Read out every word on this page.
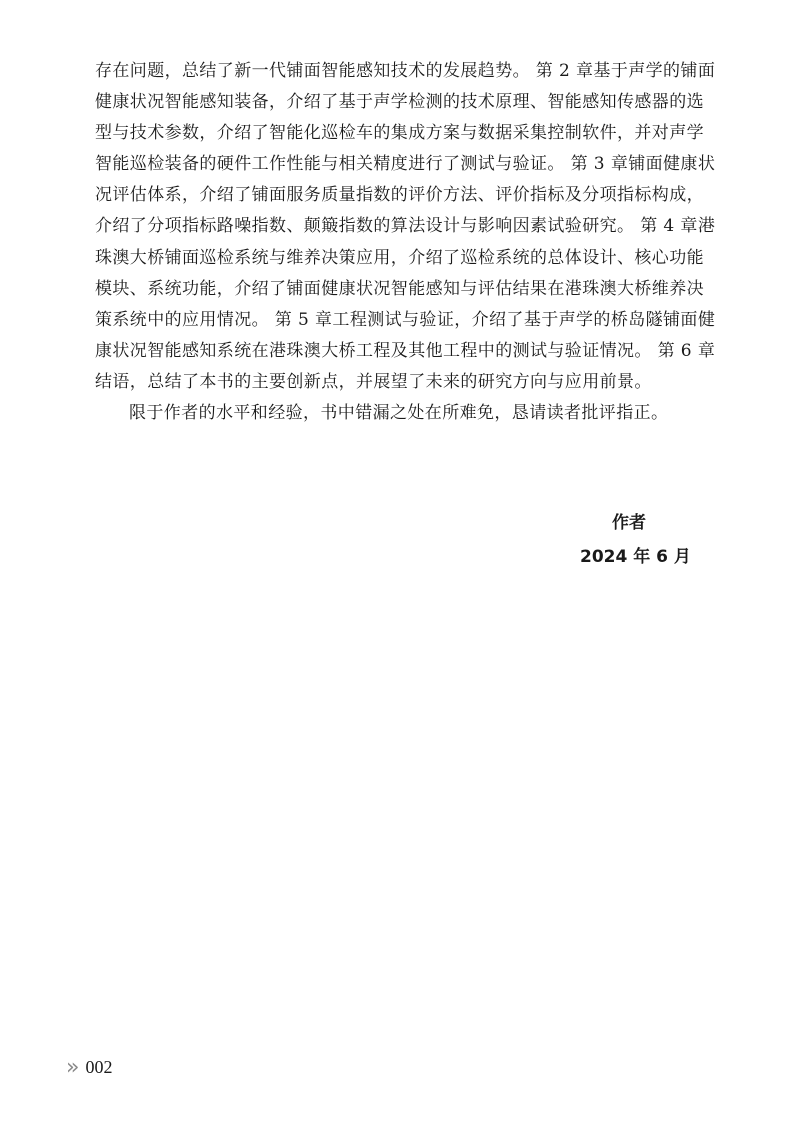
存在问题，总结了新一代铺面智能感知技术的发展趋势。 第 2 章基于声学的铺面
健康状况智能感知装备，介绍了基于声学检测的技术原理、智能感知传感器的选
型与技术参数，介绍了智能化巡检车的集成方案与数据采集控制软件，并对声学
智能巡检装备的硬件工作性能与相关精度进行了测试与验证。 第 3 章铺面健康状
况评估体系，介绍了铺面服务质量指数的评价方法、评价指标及分项指标构成，
介绍了分项指标路噪指数、颠簸指数的算法设计与影响因素试验研究。 第 4 章港
珠澳大桥铺面巡检系统与维养决策应用，介绍了巡检系统的总体设计、核心功能
模块、系统功能，介绍了铺面健康状况智能感知与评估结果在港珠澳大桥维养决
策系统中的应用情况。 第 5 章工程测试与验证，介绍了基于声学的桥岛隧铺面健
康状况智能感知系统在港珠澳大桥工程及其他工程中的测试与验证情况。 第 6 章
结语，总结了本书的主要创新点，并展望了未来的研究方向与应用前景。

限于作者的水平和经验，书中错漏之处在所难免，恳请读者批评指正。

作者
2024 年 6 月
» 002
